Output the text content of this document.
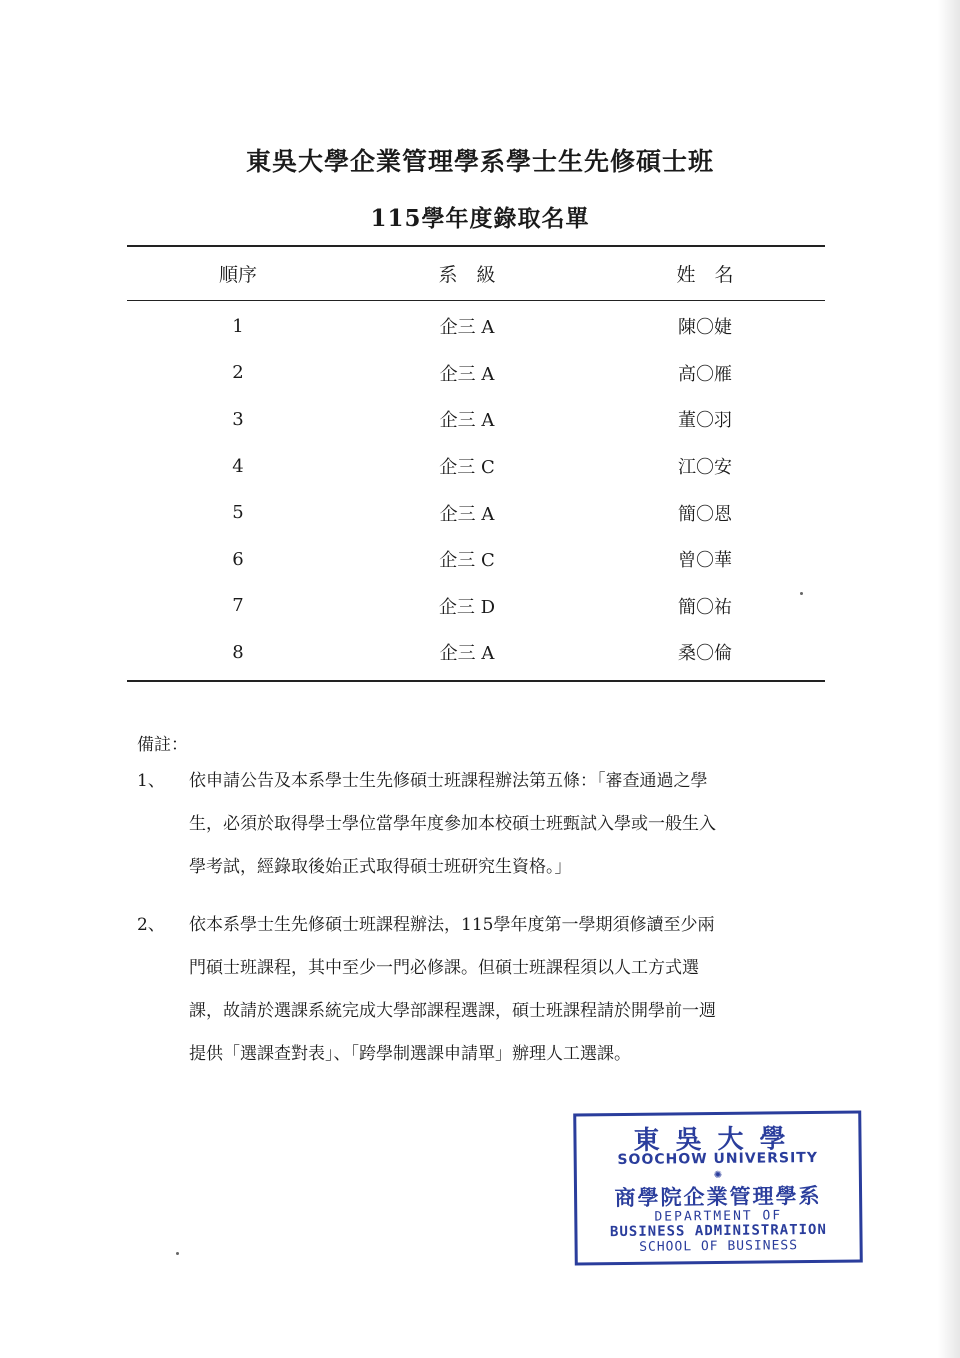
東吳大學企業管理學系學士生先修碩士班
115學年度錄取名單
順序	系　級	姓　名
1	企三 A	陳〇婕
2	企三 A	高〇雁
3	企三 A	董〇羽
4	企三 C	江〇安
5	企三 A	簡〇恩
6	企三 C	曾〇華
7	企三 D	簡〇祐
8	企三 A	桑〇倫
備註：
1、	依申請公告及本系學士生先修碩士班課程辦法第五條：「審查通過之學
生，必須於取得學士學位當學年度參加本校碩士班甄試入學或一般生入
學考試，經錄取後始正式取得碩士班研究生資格。」
2、	依本系學士生先修碩士班課程辦法，115學年度第一學期須修讀至少兩
門碩士班課程，其中至少一門必修課。但碩士班課程須以人工方式選
課，故請於選課系統完成大學部課程選課，碩士班課程請於開學前一週
提供「選課查對表」、「跨學制選課申請單」辦理人工選課。
東吳大學
SOOCHOW UNIVERSITY
✺
商學院企業管理學系
DEPARTMENT OF
BUSINESS ADMINISTRATION
SCHOOL OF BUSINESS
